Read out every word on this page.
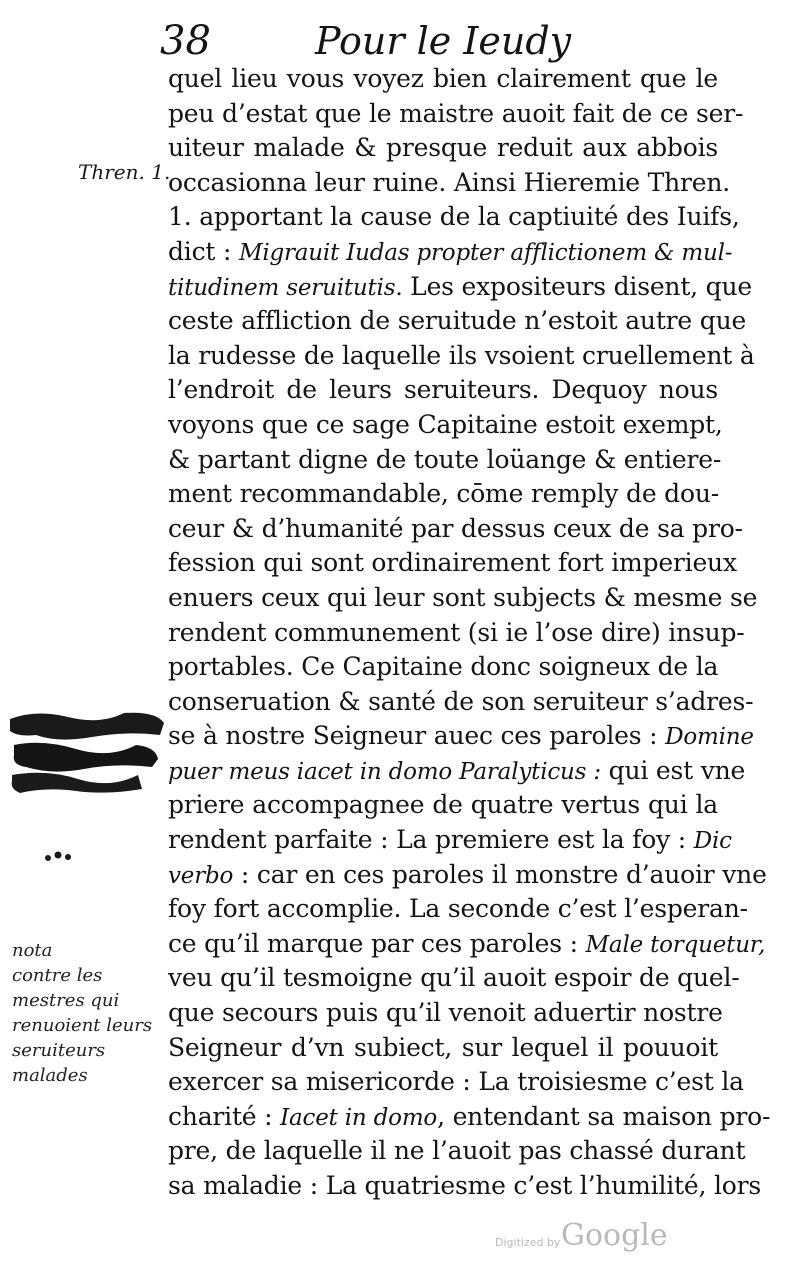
38	Pour le Ieudy
Thren. 1.
quel lieu vous voyez bien clairement que le
peu d’estat que le maistre auoit fait de ce ser-
uiteur malade & presque reduit aux abbois
occasionna leur ruine. Ainsi Hieremie Thren.
1. apportant la cause de la captiuité des Iuifs,
dict : Migrauit Iudas propter afflictionem & mul-
titudinem seruitutis. Les expositeurs disent, que
ceste affliction de seruitude n’estoit autre que
la rudesse de laquelle ils vsoient cruellement à
l’endroit de leurs seruiteurs. Dequoy nous
voyons que ce sage Capitaine estoit exempt,
& partant digne de toute loüange & entiere-
ment recommandable, cōme remply de dou-
ceur & d’humanité par dessus ceux de sa pro-
fession qui sont ordinairement fort imperieux
enuers ceux qui leur sont subjects & mesme se
rendent communement (si ie l’ose dire) insup-
portables. Ce Capitaine donc soigneux de la
conseruation & santé de son seruiteur s’adres-
se à nostre Seigneur auec ces paroles : Domine
puer meus iacet in domo Paralyticus : qui est vne
priere accompagnee de quatre vertus qui la
rendent parfaite : La premiere est la foy : Dic
verbo : car en ces paroles il monstre d’auoir vne
foy fort accomplie. La seconde c’est l’esperan-
ce qu’il marque par ces paroles : Male torquetur,
veu qu’il tesmoigne qu’il auoit espoir de quel-
que secours puis qu’il venoit aduertir nostre
Seigneur d’vn subiect, sur lequel il pouuoit
exercer sa misericorde : La troisiesme c’est la
charité : Iacet in domo, entendant sa maison pro-
pre, de laquelle il ne l’auoit pas chassé durant
sa maladie : La quatriesme c’est l’humilité, lors
nota
contre les
mestres qui
renuoient leurs
seruiteurs
malades
Digitized by Google
